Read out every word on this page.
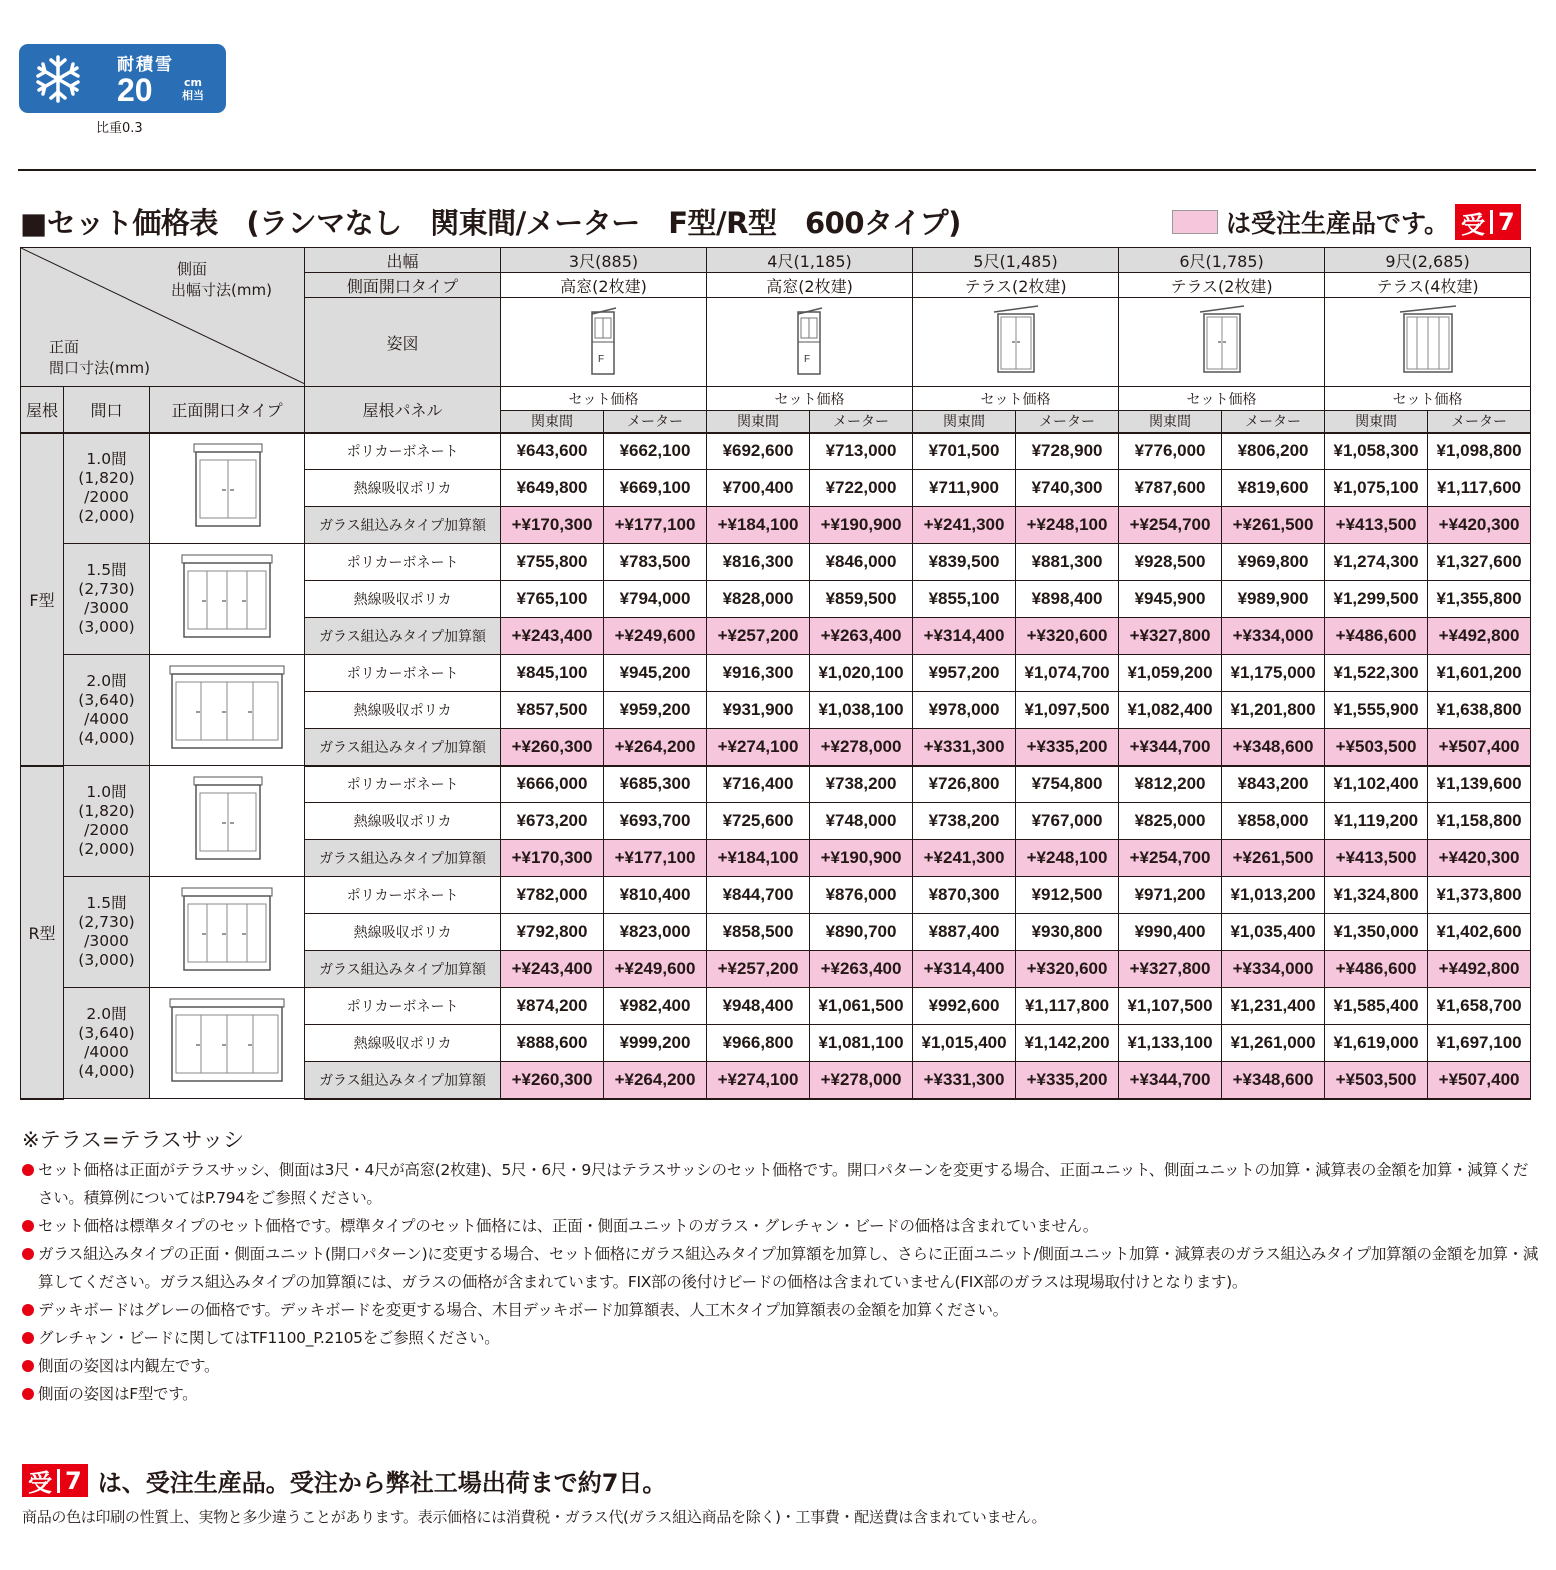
耐積雪
20	cm
相当
比重0.3
■セット価格表　(ランマなし　関東間/メーター　F型/R型　600タイプ)	は受注生産品です。 受 7
側面
出幅寸法(mm)
正面
間口寸法(mm)			出幅	3尺(885)		4尺(1,185)		5尺(1,485)		6尺(1,785)		9尺(2,685)	
			側面開口タイプ	高窓(2枚建)		高窓(2枚建)		テラス(2枚建)		テラス(2枚建)		テラス(4枚建)	
			姿図	F		F

屋根	間口	正面開口タイプ	屋根パネル	セット価格		セット価格		セット価格		セット価格		セット価格	
				関東間	メーター	関東間	メーター	関東間	メーター	関東間	メーター	関東間	メーター
F型	1.0間
(1,820)
/2000
(2,000)		ポリカーボネート	¥643,600	¥662,100	¥692,600	¥713,000	¥701,500	¥728,900	¥776,000	¥806,200	¥1,058,300	¥1,098,800
			熱線吸収ポリカ	¥649,800	¥669,100	¥700,400	¥722,000	¥711,900	¥740,300	¥787,600	¥819,600	¥1,075,100	¥1,117,600
			ガラス組込みタイプ加算額	+¥170,300	+¥177,100	+¥184,100	+¥190,900	+¥241,300	+¥248,100	+¥254,700	+¥261,500	+¥413,500	+¥420,300

	1.5間
(2,730)
/3000
(3,000)		ポリカーボネート	¥755,800	¥783,500	¥816,300	¥846,000	¥839,500	¥881,300	¥928,500	¥969,800	¥1,274,300	¥1,327,600
			熱線吸収ポリカ	¥765,100	¥794,000	¥828,000	¥859,500	¥855,100	¥898,400	¥945,900	¥989,900	¥1,299,500	¥1,355,800
			ガラス組込みタイプ加算額	+¥243,400	+¥249,600	+¥257,200	+¥263,400	+¥314,400	+¥320,600	+¥327,800	+¥334,000	+¥486,600	+¥492,800

	2.0間
(3,640)
/4000
(4,000)		ポリカーボネート	¥845,100	¥945,200	¥916,300	¥1,020,100	¥957,200	¥1,074,700	¥1,059,200	¥1,175,000	¥1,522,300	¥1,601,200
			熱線吸収ポリカ	¥857,500	¥959,200	¥931,900	¥1,038,100	¥978,000	¥1,097,500	¥1,082,400	¥1,201,800	¥1,555,900	¥1,638,800
			ガラス組込みタイプ加算額	+¥260,300	+¥264,200	+¥274,100	+¥278,000	+¥331,300	+¥335,200	+¥344,700	+¥348,600	+¥503,500	+¥507,400
R型	1.0間
(1,820)
/2000
(2,000)		ポリカーボネート	¥666,000	¥685,300	¥716,400	¥738,200	¥726,800	¥754,800	¥812,200	¥843,200	¥1,102,400	¥1,139,600
			熱線吸収ポリカ	¥673,200	¥693,700	¥725,600	¥748,000	¥738,200	¥767,000	¥825,000	¥858,000	¥1,119,200	¥1,158,800
			ガラス組込みタイプ加算額	+¥170,300	+¥177,100	+¥184,100	+¥190,900	+¥241,300	+¥248,100	+¥254,700	+¥261,500	+¥413,500	+¥420,300

	1.5間
(2,730)
/3000
(3,000)		ポリカーボネート	¥782,000	¥810,400	¥844,700	¥876,000	¥870,300	¥912,500	¥971,200	¥1,013,200	¥1,324,800	¥1,373,800
			熱線吸収ポリカ	¥792,800	¥823,000	¥858,500	¥890,700	¥887,400	¥930,800	¥990,400	¥1,035,400	¥1,350,000	¥1,402,600
			ガラス組込みタイプ加算額	+¥243,400	+¥249,600	+¥257,200	+¥263,400	+¥314,400	+¥320,600	+¥327,800	+¥334,000	+¥486,600	+¥492,800

	2.0間
(3,640)
/4000
(4,000)		ポリカーボネート	¥874,200	¥982,400	¥948,400	¥1,061,500	¥992,600	¥1,117,800	¥1,107,500	¥1,231,400	¥1,585,400	¥1,658,700
			熱線吸収ポリカ	¥888,600	¥999,200	¥966,800	¥1,081,100	¥1,015,400	¥1,142,200	¥1,133,100	¥1,261,000	¥1,619,000	¥1,697,100
			ガラス組込みタイプ加算額	+¥260,300	+¥264,200	+¥274,100	+¥278,000	+¥331,300	+¥335,200	+¥344,700	+¥348,600	+¥503,500	+¥507,400
※テラス=テラスサッシ
セット価格は正面がテラスサッシ、側面は3尺・4尺が高窓(2枚建)、5尺・6尺・9尺はテラスサッシのセット価格です。開口パターンを変更する場合、正面ユニット、側面ユニットの加算・減算表の金額を加算・減算ください。積算例についてはP.794をご参照ください。
セット価格は標準タイプのセット価格です。標準タイプのセット価格には、正面・側面ユニットのガラス・グレチャン・ビードの価格は含まれていません。
ガラス組込みタイプの正面・側面ユニット(開口パターン)に変更する場合、セット価格にガラス組込みタイプ加算額を加算し、さらに正面ユニット/側面ユニット加算・減算表のガラス組込みタイプ加算額の金額を加算・減算してください。ガラス組込みタイプの加算額には、ガラスの価格が含まれています。FIX部の後付けビードの価格は含まれていません(FIX部のガラスは現場取付けとなります)。
デッキボードはグレーの価格です。デッキボードを変更する場合、木目デッキボード加算額表、人工木タイプ加算額表の金額を加算ください。
グレチャン・ビードに関してはTF1100_P.2105をご参照ください。
側面の姿図は内観左です。
側面の姿図はF型です。
受 7 は、受注生産品。受注から弊社工場出荷まで約7日。
商品の色は印刷の性質上、実物と多少違うことがあります。表示価格には消費税・ガラス代(ガラス組込商品を除く)・工事費・配送費は含まれていません。
